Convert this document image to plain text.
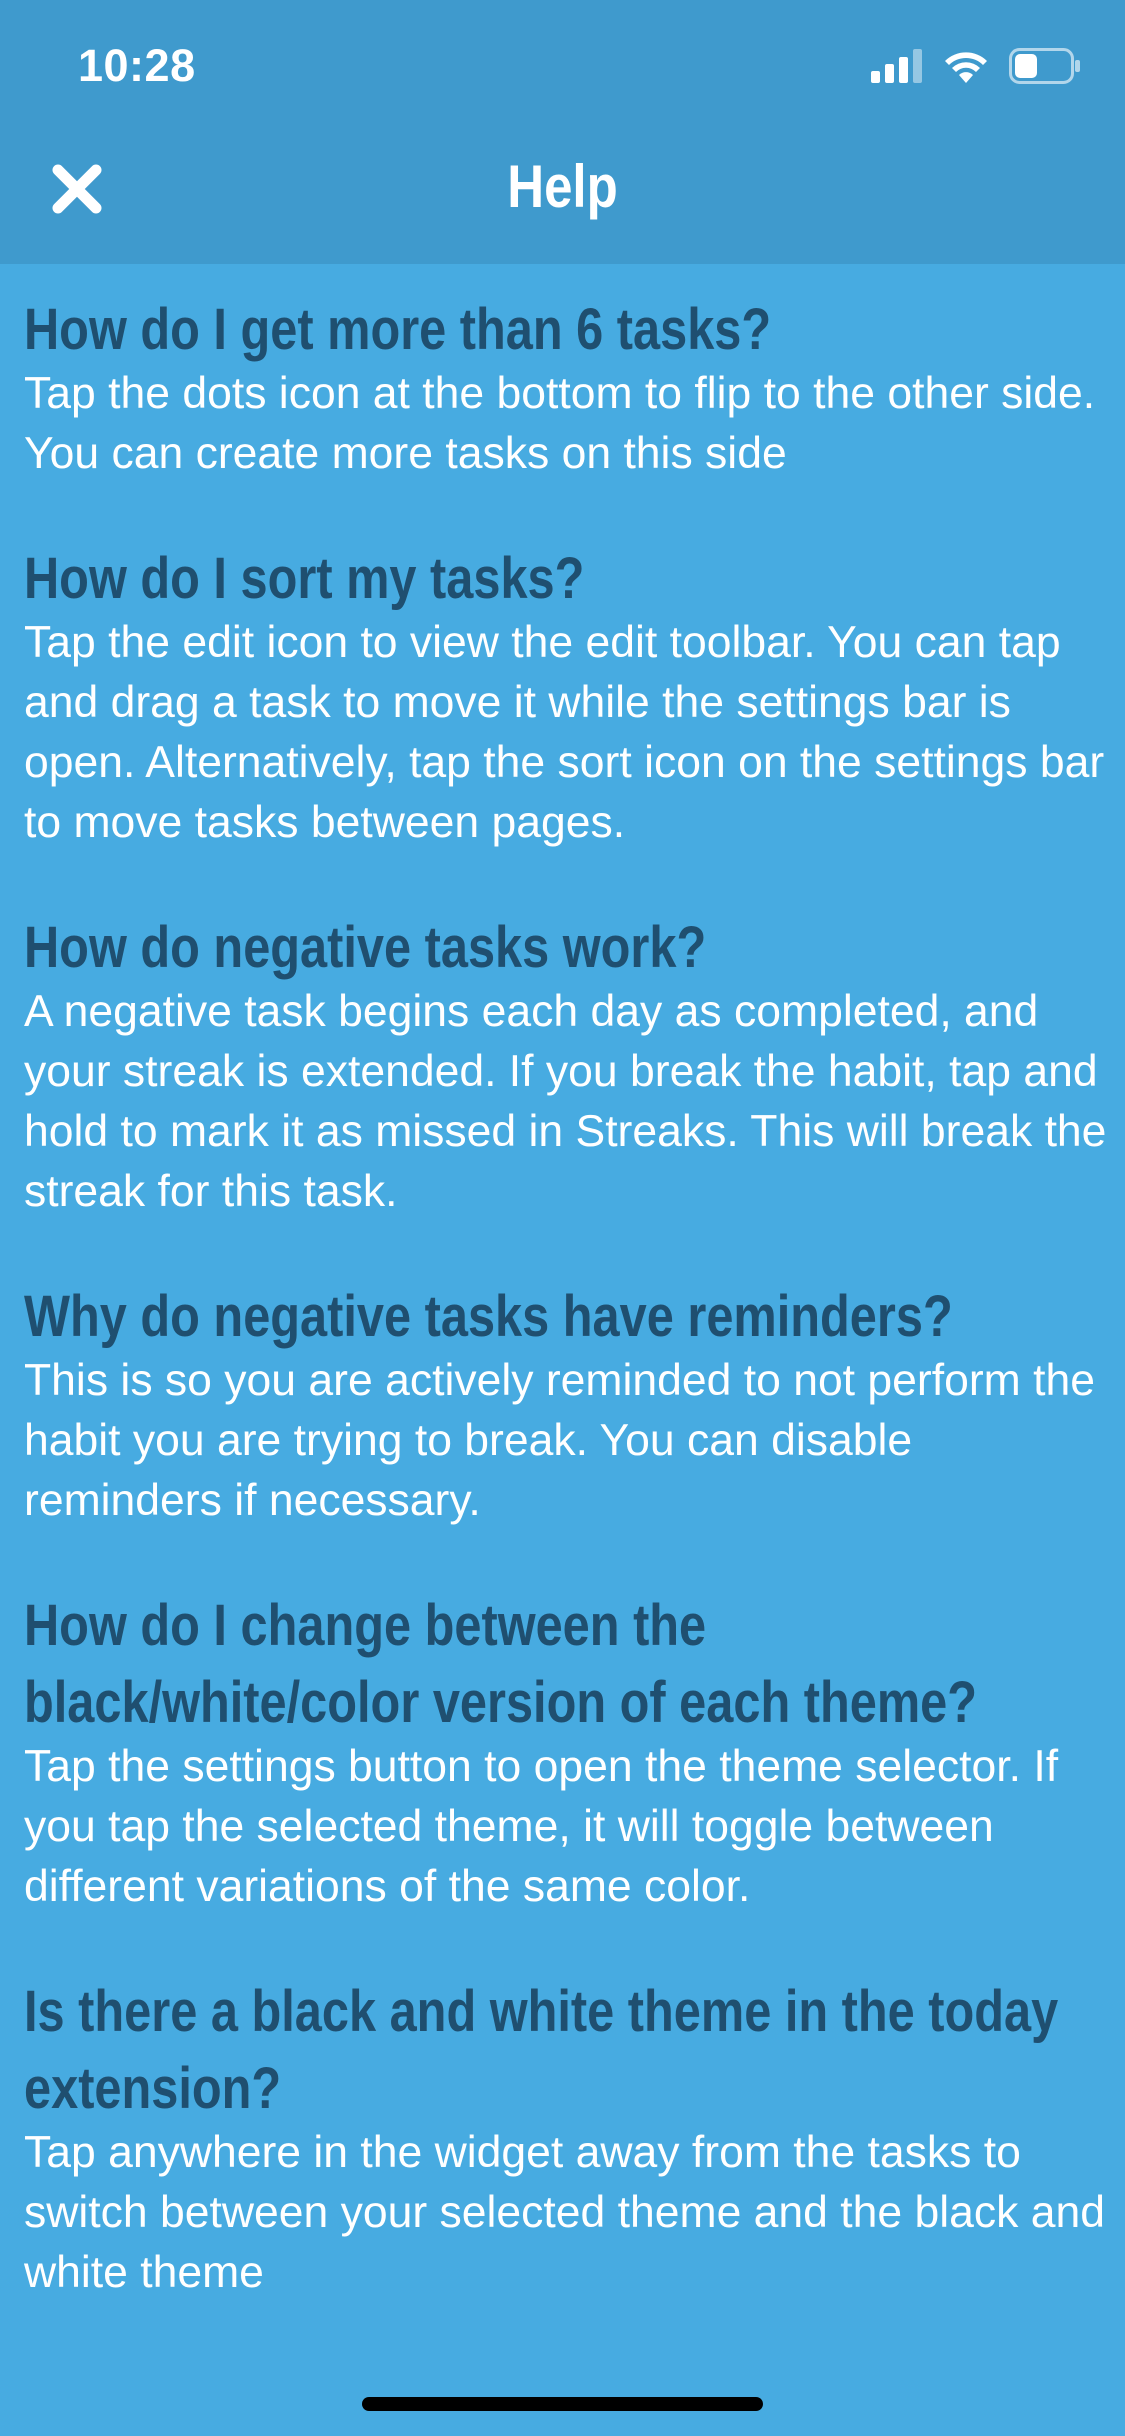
10:28
Help
How do I get more than 6 tasks?
Tap the dots icon at the bottom to flip to the other side. You can create more tasks on this side
How do I sort my tasks?
Tap the edit icon to view the edit toolbar. You can tap and drag a task to move it while the settings bar is open. Alternatively, tap the sort icon on the settings bar to move tasks between pages.
How do negative tasks work?
A negative task begins each day as completed, and your streak is extended. If you break the habit, tap and hold to mark it as missed in Streaks. This will break the streak for this task.
Why do negative tasks have reminders?
This is so you are actively reminded to not perform the habit you are trying to break. You can disable reminders if necessary.
How do I change between the black/white/color version of each theme?
Tap the settings button to open the theme selector. If you tap the selected theme, it will toggle between different variations of the same color.
Is there a black and white theme in the today extension?
Tap anywhere in the widget away from the tasks to switch between your selected theme and the black and white theme
